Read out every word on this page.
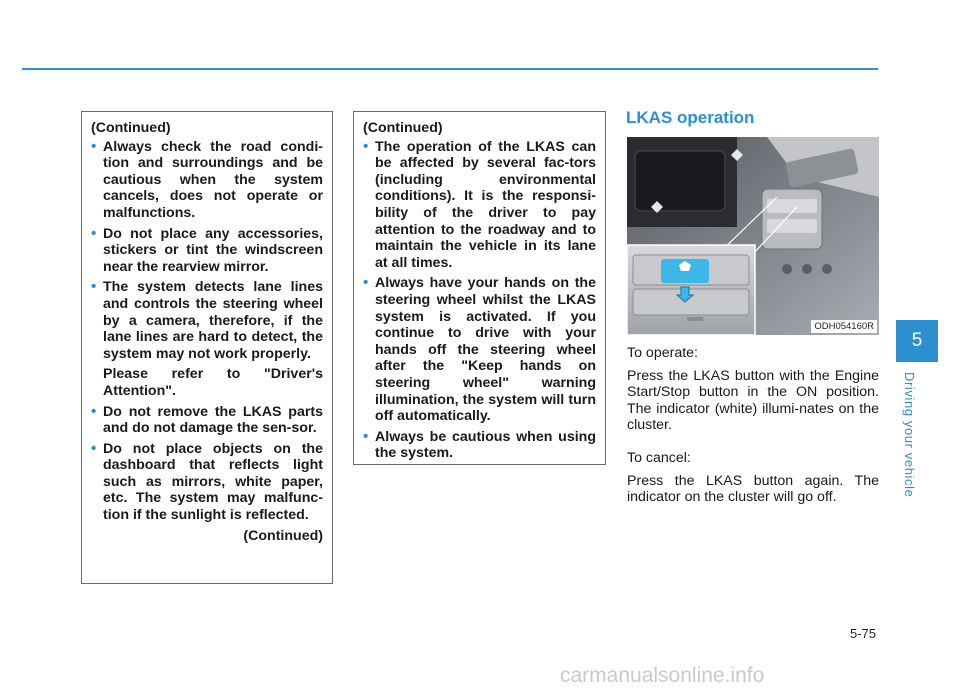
(Continued)

• Always check the road condi-tion and surroundings and be cautious when the system cancels, does not operate or malfunctions.

• Do not place any accessories, stickers or tint the windscreen near the rearview mirror.

• The system detects lane lines and controls the steering wheel by a camera, therefore, if the lane lines are hard to detect, the system may not work properly.

Please refer to "Driver's Attention".

• Do not remove the LKAS parts and do not damage the sen-sor.

• Do not place objects on the dashboard that reflects light such as mirrors, white paper, etc. The system may malfunc-tion if the sunlight is reflected.

(Continued)

(Continued)

• The operation of the LKAS can be affected by several fac-tors (including environmental conditions). It is the responsi-bility of the driver to pay attention to the roadway and to maintain the vehicle in its lane at all times.

• Always have your hands on the steering wheel whilst the LKAS system is activated. If you continue to drive with your hands off the steering wheel after the "Keep hands on steering wheel" warning illumination, the system will turn off automatically.

• Always be cautious when using the system.

LKAS operation
ODH054160R

To operate:

Press the LKAS button with the Engine Start/Stop button in the ON position. The indicator (white) illumi-nates on the cluster.

To cancel:

Press the LKAS button again. The indicator on the cluster will go off.

5
Driving your vehicle
5-75
carmanualsonline.info
